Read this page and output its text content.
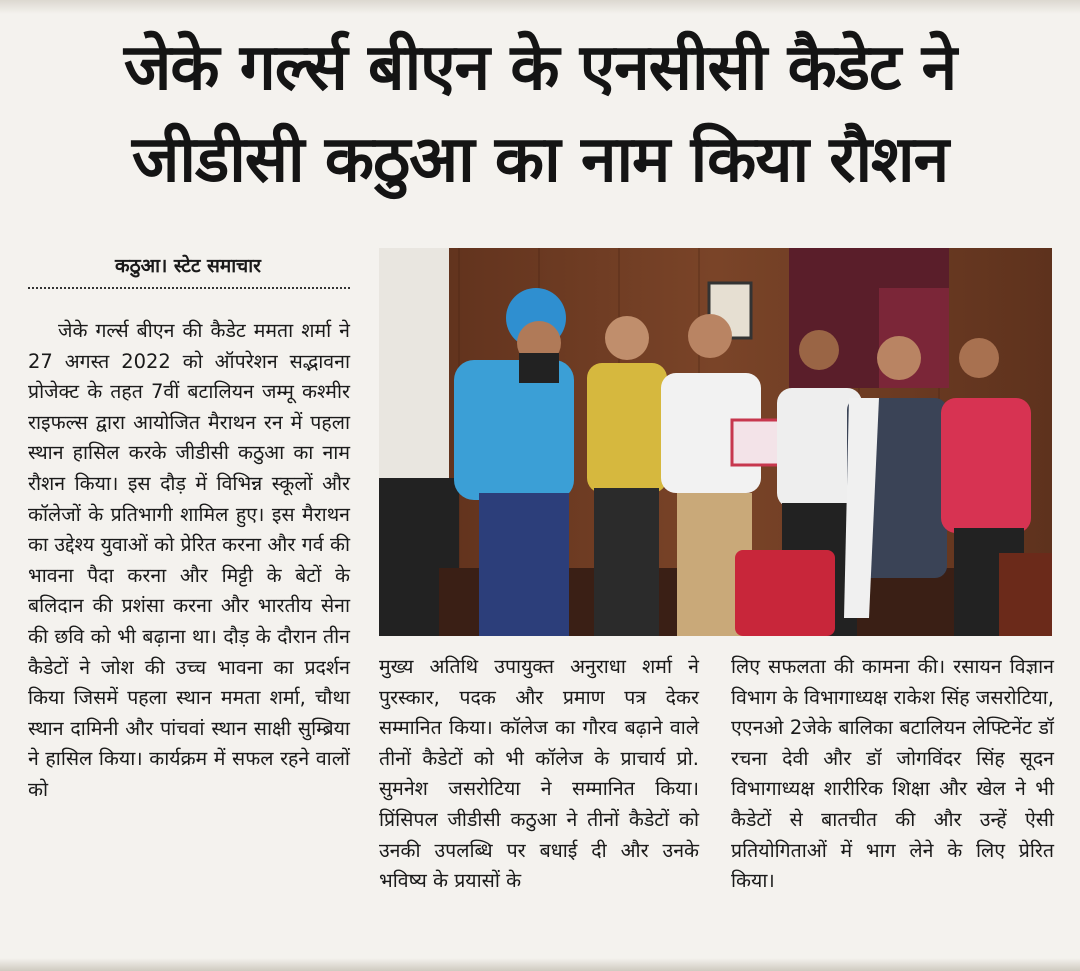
जेके गर्ल्स बीएन के एनसीसी कैडेट ने
जीडीसी कठुआ का नाम किया रौशन
कठुआ। स्टेट समाचार

जेके गर्ल्स बीएन की कैडेट ममता शर्मा ने 27 अगस्त 2022 को ऑपरेशन सद्भावना प्रोजेक्ट के तहत 7वीं बटालियन जम्मू कश्मीर राइफल्स द्वारा आयोजित मैराथन रन में पहला स्थान हासिल करके जीडीसी कठुआ का नाम रौशन किया। इस दौड़ में विभिन्न स्कूलों और कॉलेजों के प्रतिभागी शामिल हुए। इस मैराथन का उद्देश्य युवाओं को प्रेरित करना और गर्व की भावना पैदा करना और मिट्टी के बेटों के बलिदान की प्रशंसा करना और भारतीय सेना की छवि को भी बढ़ाना था। दौड़ के दौरान तीन कैडेटों ने जोश की उच्च भावना का प्रदर्शन किया जिसमें पहला स्थान ममता शर्मा, चौथा स्थान दामिनी और पांचवां स्थान साक्षी सुम्ब्रिया ने हासिल किया। कार्यक्रम में सफल रहने वालों को

मुख्य अतिथि उपायुक्त अनुराधा शर्मा ने पुरस्कार, पदक और प्रमाण पत्र देकर सम्मानित किया। कॉलेज का गौरव बढ़ाने वाले तीनों कैडेटों को भी कॉलेज के प्राचार्य प्रो. सुमनेश जसरोटिया ने सम्मानित किया। प्रिंसिपल जीडीसी कठुआ ने तीनों कैडेटों को उनकी उपलब्धि पर बधाई दी और उनके भविष्य के प्रयासों के

लिए सफलता की कामना की। रसायन विज्ञान विभाग के विभागाध्यक्ष राकेश सिंह जसरोटिया, एएनओ 2जेके बालिका बटालियन लेफ्टिनेंट डॉ रचना देवी और डॉ जोगविंदर सिंह सूदन विभागाध्यक्ष शारीरिक शिक्षा और खेल ने भी कैडेटों से बातचीत की और उन्हें ऐसी प्रतियोगिताओं में भाग लेने के लिए प्रेरित किया।
